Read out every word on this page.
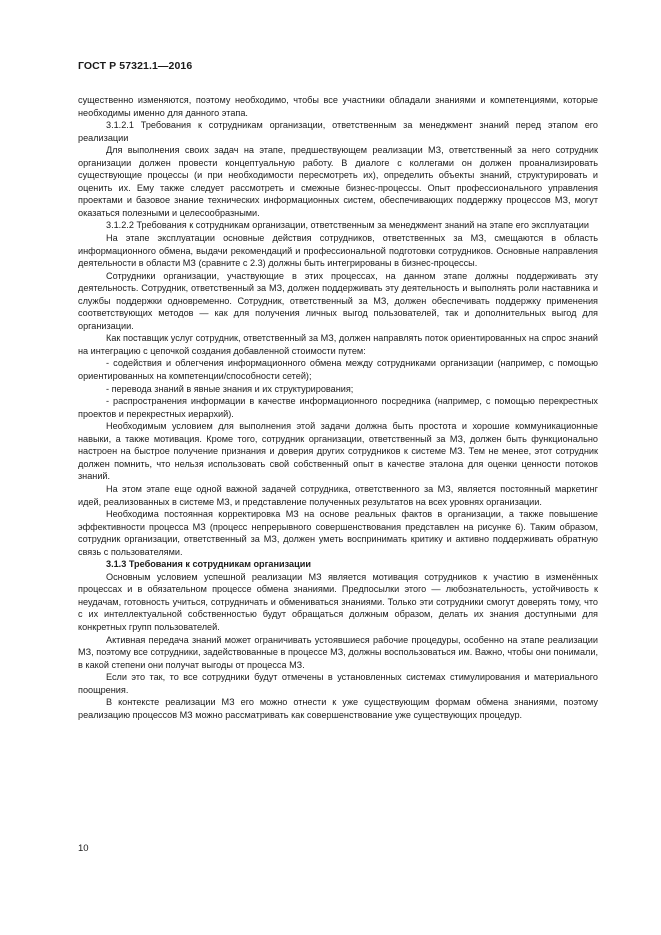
ГОСТ Р 57321.1—2016

существенно изменяются, поэтому необходимо, чтобы все участники обладали знаниями и компетенциями, которые необходимы именно для данного этапа.

3.1.2.1 Требования к сотрудникам организации, ответственным за менеджмент знаний перед этапом его реализации

Для выполнения своих задач на этапе, предшествующем реализации МЗ, ответственный за него сотрудник организации должен провести концептуальную работу. В диалоге с коллегами он должен проанализировать существующие процессы (и при необходимости пересмотреть их), определить объекты знаний, структурировать и оценить их. Ему также следует рассмотреть и смежные бизнес-процессы. Опыт профессионального управления проектами и базовое знание технических информационных систем, обеспечивающих поддержку процессов МЗ, могут оказаться полезными и целесообразными.

3.1.2.2 Требования к сотрудникам организации, ответственным за менеджмент знаний на этапе его эксплуатации

На этапе эксплуатации основные действия сотрудников, ответственных за МЗ, смещаются в область информационного обмена, выдачи рекомендаций и профессиональной подготовки сотрудников. Основные направления деятельности в области МЗ (сравните с 2.3) должны быть интегрированы в бизнес-процессы.

Сотрудники организации, участвующие в этих процессах, на данном этапе должны поддерживать эту деятельность. Сотрудник, ответственный за МЗ, должен поддерживать эту деятельность и выполнять роли наставника и службы поддержки одновременно. Сотрудник, ответственный за МЗ, должен обеспечивать поддержку применения соответствующих методов — как для получения личных выгод пользователей, так и дополнительных выгод для организации.

Как поставщик услуг сотрудник, ответственный за МЗ, должен направлять поток ориентированных на спрос знаний на интеграцию с цепочкой создания добавленной стоимости путем:

- содействия и облегчения информационного обмена между сотрудниками организации (например, с помощью ориентированных на компетенции/способности сетей);

- перевода знаний в явные знания и их структурирования;

- распространения информации в качестве информационного посредника (например, с помощью перекрестных проектов и перекрестных иерархий).

Необходимым условием для выполнения этой задачи должна быть простота и хорошие коммуникационные навыки, а также мотивация. Кроме того, сотрудник организации, ответственный за МЗ, должен быть функционально настроен на быстрое получение признания и доверия других сотрудников к системе МЗ. Тем не менее, этот сотрудник должен помнить, что нельзя использовать свой собственный опыт в качестве эталона для оценки ценности потоков знаний.

На этом этапе еще одной важной задачей сотрудника, ответственного за МЗ, является постоянный маркетинг идей, реализованных в системе МЗ, и представление полученных результатов на всех уровнях организации.

Необходима постоянная корректировка МЗ на основе реальных фактов в организации, а также повышение эффективности процесса МЗ (процесс непрерывного совершенствования представлен на рисунке 6). Таким образом, сотрудник организации, ответственный за МЗ, должен уметь воспринимать критику и активно поддерживать обратную связь с пользователями.

3.1.3 Требования к сотрудникам организации

Основным условием успешной реализации МЗ является мотивация сотрудников к участию в изменённых процессах и в обязательном процессе обмена знаниями. Предпосылки этого — любознательность, устойчивость к неудачам, готовность учиться, сотрудничать и обмениваться знаниями. Только эти сотрудники смогут доверять тому, что с их интеллектуальной собственностью будут обращаться должным образом, делать их знания доступными для конкретных групп пользователей.

Активная передача знаний может ограничивать устоявшиеся рабочие процедуры, особенно на этапе реализации МЗ, поэтому все сотрудники, задействованные в процессе МЗ, должны воспользоваться им. Важно, чтобы они понимали, в какой степени они получат выгоды от процесса МЗ.

Если это так, то все сотрудники будут отмечены в установленных системах стимулирования и материального поощрения.

В контексте реализации МЗ его можно отнести к уже существующим формам обмена знаниями, поэтому реализацию процессов МЗ можно рассматривать как совершенствование уже существующих процедур.

10
